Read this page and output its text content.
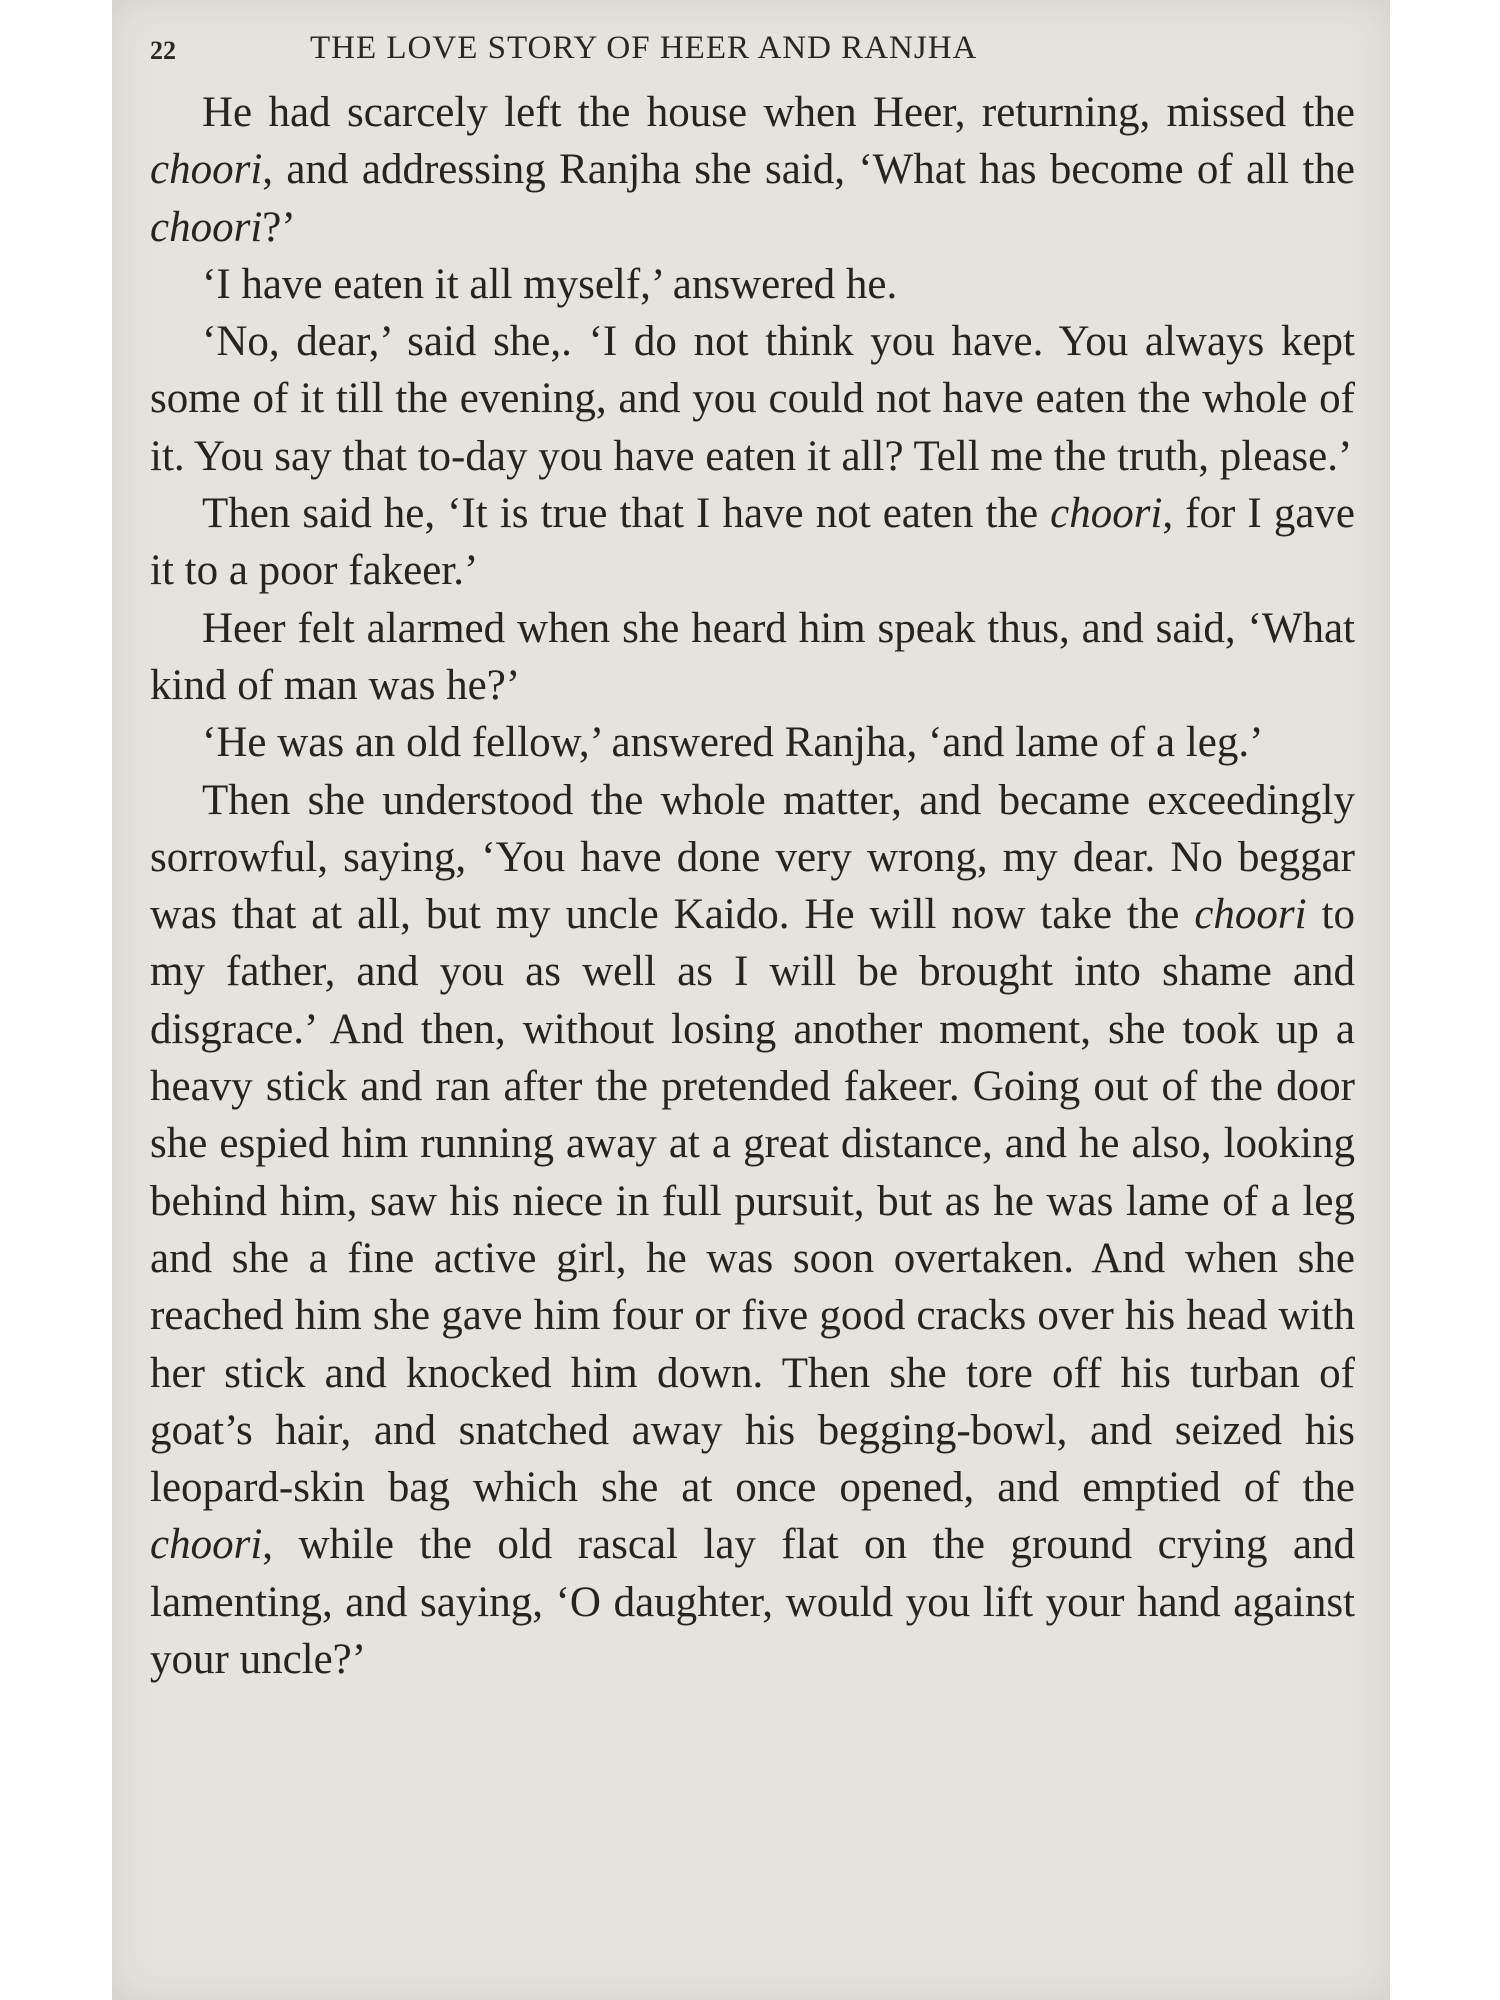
22	THE LOVE STORY OF HEER AND RANJHA

He had scarcely left the house when Heer, returning, missed the choori, and addressing Ranjha she said, ‘What has become of all the choori?’

‘I have eaten it all myself,’ answered he.

‘No, dear,’ said she,. ‘I do not think you have. You always kept some of it till the evening, and you could not have eaten the whole of it. You say that to-day you have eaten it all? Tell me the truth, please.’

Then said he, ‘It is true that I have not eaten the choori, for I gave it to a poor fakeer.’

Heer felt alarmed when she heard him speak thus, and said, ‘What kind of man was he?’

‘He was an old fellow,’ answered Ranjha, ‘and lame of a leg.’

Then she understood the whole matter, and became exceedingly sorrowful, saying, ‘You have done very wrong, my dear. No beggar was that at all, but my uncle Kaido. He will now take the choori to my father, and you as well as I will be brought into shame and disgrace.’ And then, without losing another moment, she took up a heavy stick and ran after the pretended fakeer. Going out of the door she espied him running away at a great distance, and he also, looking behind him, saw his niece in full pursuit, but as he was lame of a leg and she a fine active girl, he was soon overtaken. And when she reached him she gave him four or five good cracks over his head with her stick and knocked him down. Then she tore off his turban of goat’s hair, and snatched away his begging-bowl, and seized his leopard-skin bag which she at once opened, and emptied of the choori, while the old rascal lay flat on the ground crying and lamenting, and saying, ‘O daughter, would you lift your hand against your uncle?’
